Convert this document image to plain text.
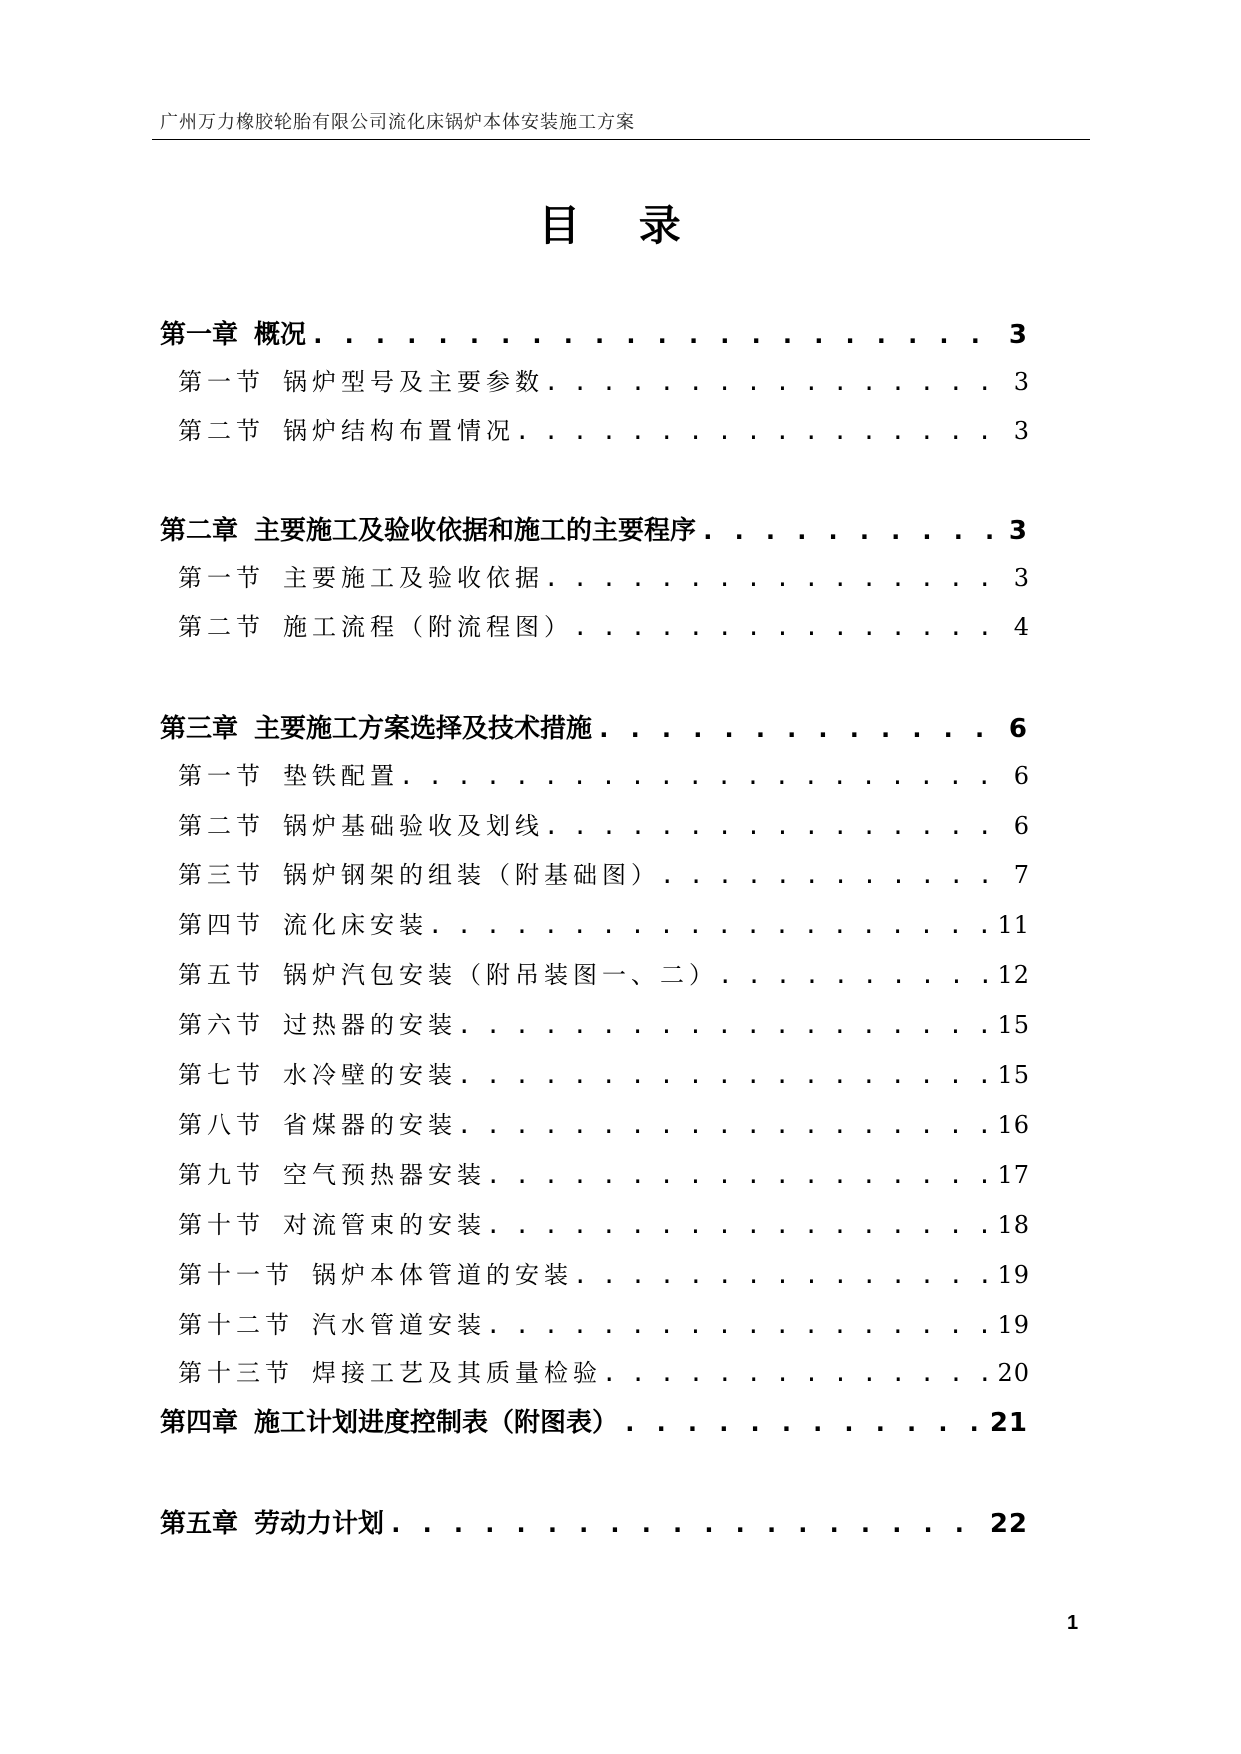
广州万力橡胶轮胎有限公司流化床锅炉本体安装施工方案
目 录
第一章 概况 . . .	3
第一节 锅炉型号及主要参数 . . .	3
第二节 锅炉结构布置情况 . . .	3
第二章 主要施工及验收依据和施工的主要程序 . . .	3
第一节 主要施工及验收依据 . . .	3
第二节 施工流程（附流程图） . . .	4
第三章 主要施工方案选择及技术措施 . . .	6
第一节 垫铁配置 . . .	6
第二节 锅炉基础验收及划线 . . .	6
第三节 锅炉钢架的组装（附基础图） . . .	7
第四节 流化床安装 . . .	11
第五节 锅炉汽包安装（附吊装图一、二） . . .	12
第六节 过热器的安装 . . .	15
第七节 水冷壁的安装 . . .	15
第八节 省煤器的安装 . . .	16
第九节 空气预热器安装 . . .	17
第十节 对流管束的安装 . . .	18
第十一节 锅炉本体管道的安装 . . .	19
第十二节 汽水管道安装 . . .	19
第十三节 焊接工艺及其质量检验 . . .	20
第四章 施工计划进度控制表（附图表） . . .	21
第五章 劳动力计划 . . .	22
1
